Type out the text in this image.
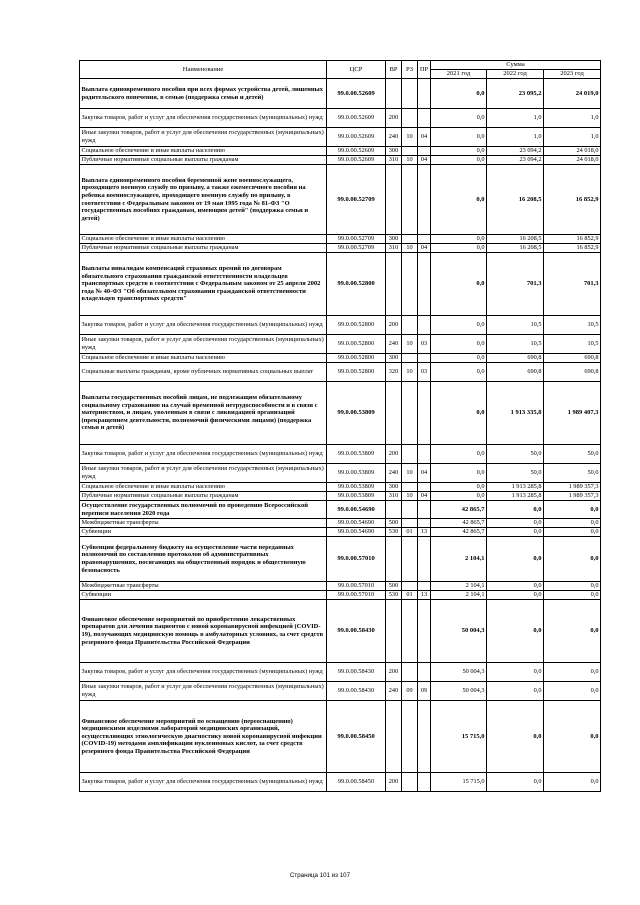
Наименование	ЦСР	ВР	РЗ	ПР	Сумма		
					2021 год	2022 год	2023 год
Выплата единовременного пособия при всех формах устройства детей, лишенных родительского попечения, в семью (поддержка семьи и детей)	99.0.00.52609				0,0	23 095,2	24 019,0
Закупка товаров, работ и услуг для обеспечения государственных (муниципальных) нужд	99.0.00.52609	200			0,0	1,0	1,0
Иные закупки товаров, работ и услуг для обеспечения государственных (муниципальных) нужд	99.0.00.52609	240	10	04	0,0	1,0	1,0
Социальное обеспечение и иные выплаты населению	99.0.00.52609	300			0,0	23 094,2	24 018,0
Публичные нормативные социальные выплаты гражданам	99.0.00.52609	310	10	04	0,0	23 094,2	24 018,0
Выплата единовременного пособия беременной жене военнослужащего, проходящего военную службу по призыву, а также ежемесячного пособия на ребенка военнослужащего, проходящего военную службу по призыву, в соответствии с Федеральным законом от 19 мая 1995 года № 81-ФЗ "О государственных пособиях гражданам, имеющим детей" (поддержка семьи и детей)	99.0.00.52709				0,0	16 208,5	16 852,9
Социальное обеспечение и иные выплаты населению	99.0.00.52709	300			0,0	16 208,5	16 852,9
Публичные нормативные социальные выплаты гражданам	99.0.00.52709	310	10	04	0,0	16 208,5	16 852,9
Выплаты инвалидам компенсаций страховых премий по договорам обязательного страхования гражданской ответственности владельцев транспортных средств в соответствии с Федеральным законом от 25 апреля 2002 года № 40-ФЗ "Об обязательном страховании гражданской ответственности владельцев транспортных средств"	99.0.00.52800				0,0	701,3	701,3
Закупка товаров, работ и услуг для обеспечения государственных (муниципальных) нужд	99.0.00.52800	200			0,0	10,5	10,5
Иные закупки товаров, работ и услуг для обеспечения государственных (муниципальных) нужд	99.0.00.52800	240	10	03	0,0	10,5	10,5
Социальное обеспечение и иные выплаты населению	99.0.00.52800	300			0,0	690,8	690,8
Социальные выплаты гражданам, кроме публичных нормативных социальных выплат	99.0.00.52800	320	10	03	0,0	690,8	690,8
Выплаты государственных пособий лицам, не подлежащим обязательному социальному страхованию на случай временной нетрудоспособности и в связи с материнством, и лицам, уволенным в связи с ликвидацией организаций (прекращением деятельности, полномочий физическими лицами) (поддержка семьи и детей)	99.0.00.53809				0,0	1 913 335,8	1 989 407,3
Закупка товаров, работ и услуг для обеспечения государственных (муниципальных) нужд	99.0.00.53809	200			0,0	50,0	50,0
Иные закупки товаров, работ и услуг для обеспечения государственных (муниципальных) нужд	99.0.00.53809	240	10	04	0,0	50,0	50,0
Социальное обеспечение и иные выплаты населению	99.0.00.53809	300			0,0	1 913 285,8	1 989 357,3
Публичные нормативные социальные выплаты гражданам	99.0.00.53809	310	10	04	0,0	1 913 285,8	1 989 357,3
Осуществление государственных полномочий по проведению Всероссийской переписи населения 2020 года	99.0.00.54690				42 865,7	0,0	0,0
Межбюджетные трансферты	99.0.00.54690	500			42 865,7	0,0	0,0
Субвенции	99.0.00.54690	530	01	13	42 865,7	0,0	0,0
Субвенции федеральному бюджету на осуществление части переданных полномочий по составлению протоколов об административных правонарушениях, посягающих на общественный порядок и общественную безопасность	99.0.00.57010				2 104,1	0,0	0,0
Межбюджетные трансферты	99.0.00.57010	500			2 104,1	0,0	0,0
Субвенции	99.0.00.57010	530	01	13	2 104,1	0,0	0,0
Финансовое обеспечение мероприятий по приобретению лекарственных препаратов для лечения пациентов с новой коронавирусной инфекцией (COVID-19), получающих медицинскую помощь в амбулаторных условиях, за счет средств резервного фонда Правительства Российской Федерации	99.0.00.58430				50 004,3	0,0	0,0
Закупка товаров, работ и услуг для обеспечения государственных (муниципальных) нужд	99.0.00.58430	200			50 004,3	0,0	0,0
Иные закупки товаров, работ и услуг для обеспечения государственных (муниципальных) нужд	99.0.00.58430	240	09	09	50 004,3	0,0	0,0
Финансовое обеспечение мероприятий по оснащению (переоснащению) медицинскими изделиями лабораторий медицинских организаций, осуществляющих этиологическую диагностику новой коронавирусной инфекции (COVID-19) методами амплификации нуклеиновых кислот, за счет средств резервного фонда Правительства Российской Федерации	99.0.00.58450				15 715,0	0,0	0,0
Закупка товаров, работ и услуг для обеспечения государственных (муниципальных) нужд	99.0.00.58450	200			15 715,0	0,0	0,0
Страница 101 из 107
